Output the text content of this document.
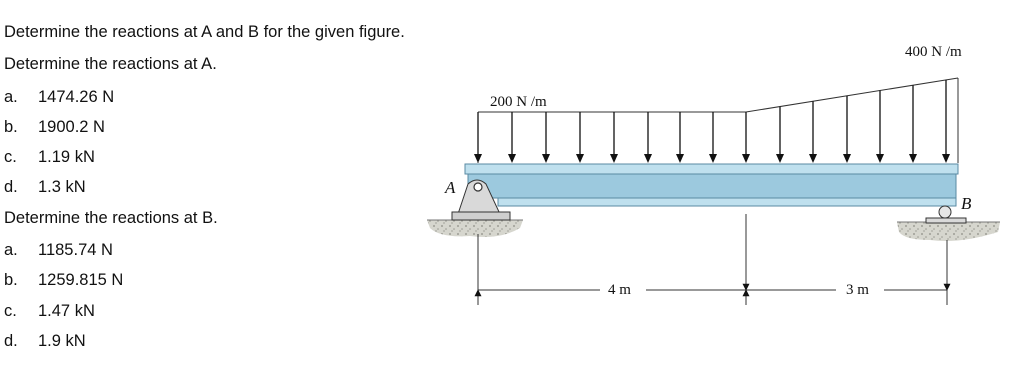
Determine the reactions at A and B for the given figure.
Determine the reactions at A.
a. 1474.26 N
b. 1900.2 N
c. 1.19 kN
d. 1.3 kN
Determine the reactions at B.
a. 1185.74 N
b. 1259.815 N
c. 1.47 kN
d. 1.9 kN
200 N /m
400 N /m
A
B
4 m	3 m
